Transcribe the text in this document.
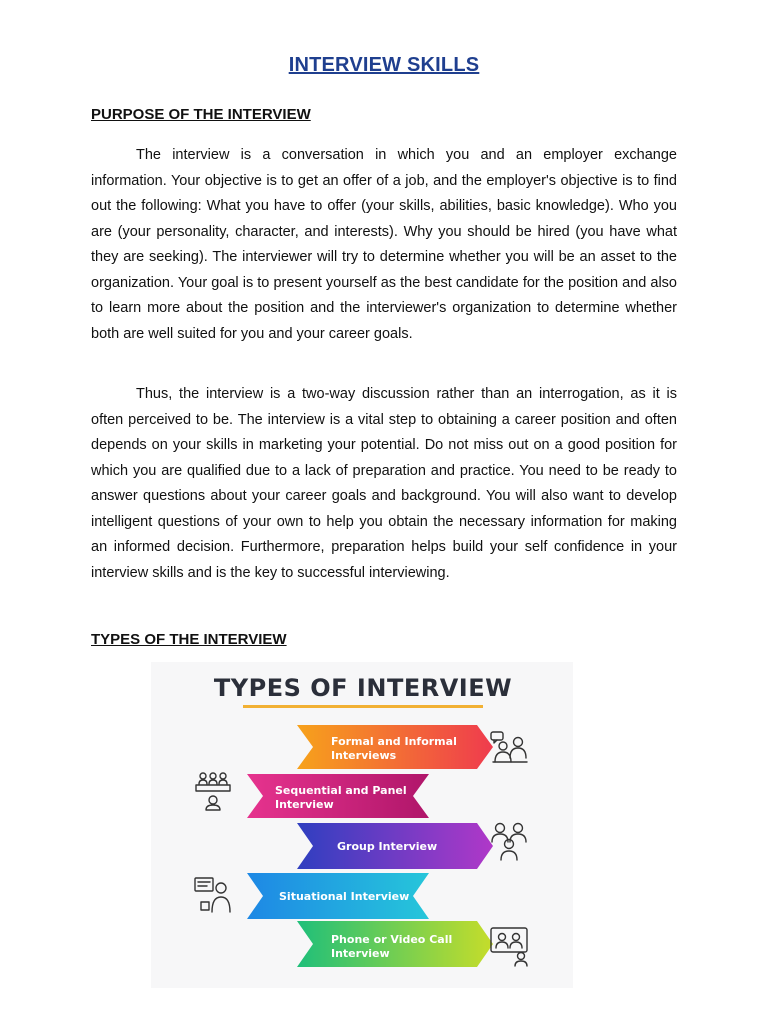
INTERVIEW SKILLS
PURPOSE OF THE INTERVIEW
The interview is a conversation in which you and an employer exchange information. Your objective is to get an offer of a job, and the employer's objective is to find out the following: What you have to offer (your skills, abilities, basic knowledge). Who you are (your personality, character, and interests). Why you should be hired (you have what they are seeking). The interviewer will try to determine whether you will be an asset to the organization. Your goal is to present yourself as the best candidate for the position and also to learn more about the position and the interviewer's organization to determine whether both are well suited for you and your career goals.
Thus, the interview is a two-way discussion rather than an interrogation, as it is often perceived to be. The interview is a vital step to obtaining a career position and often depends on your skills in marketing your potential. Do not miss out on a good position for which you are qualified due to a lack of preparation and practice. You need to be ready to answer questions about your career goals and background. You will also want to develop intelligent questions of your own to help you obtain the necessary information for making an informed decision. Furthermore, preparation helps build your self confidence in your interview skills and is the key to successful interviewing.
TYPES OF THE INTERVIEW
TYPES OF INTERVIEW
Formal and Informal
Interviews
Sequential and Panel
Interview
Group Interview
Situational Interview
Phone or Video Call
Interview
